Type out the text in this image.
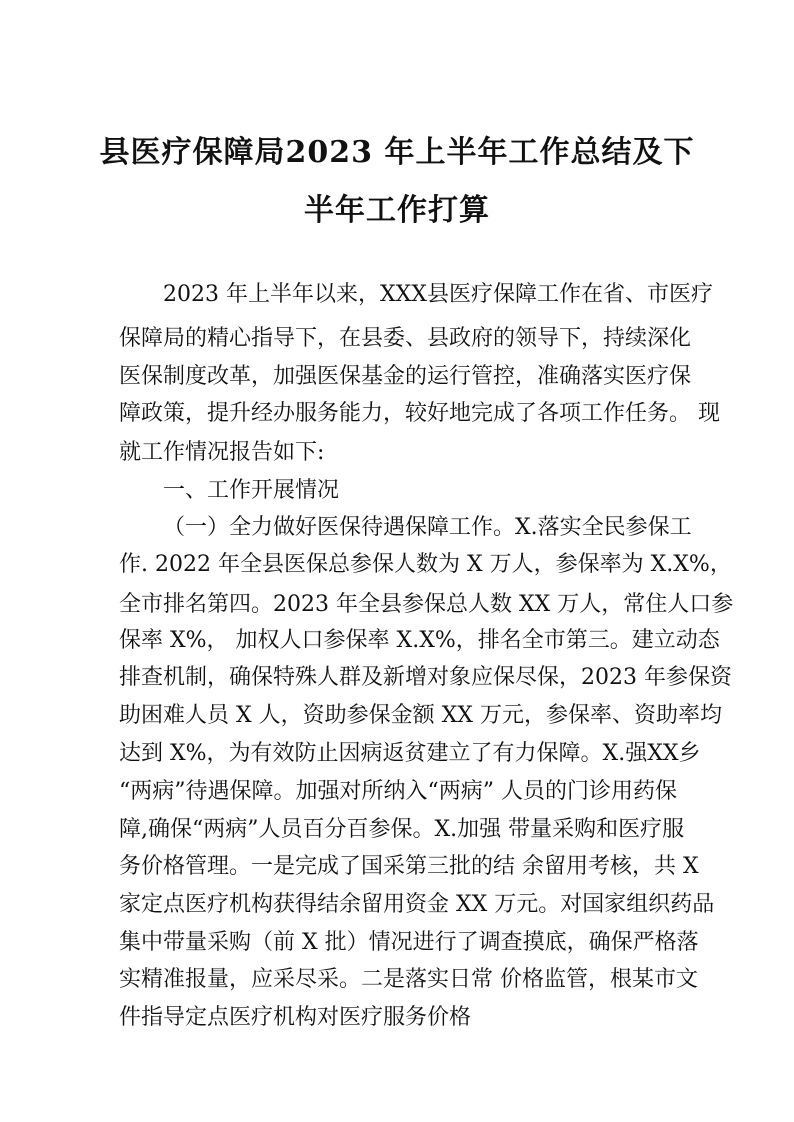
县医疗保障局2023 年上半年工作总结及下
半年工作打算
2023 年上半年以来，XXX县医疗保障工作在省、市医疗
保障局的精心指导下，在县委、县政府的领导下，持续深化
医保制度改革，加强医保基金的运行管控，准确落实医疗保
障政策，提升经办服务能力，较好地完成了各项工作任务。 现
就工作情况报告如下:
一、工作开展情况
（一）全力做好医保待遇保障工作。X.落实全民参保工
作. 2022 年全县医保总参保人数为 X 万人，参保率为 X.X%，
全市排名第四。2023 年全县参保总人数 XX 万人，常住人口参
保率 X%， 加权人口参保率 X.X%，排名全市第三。建立动态
排查机制，确保特殊人群及新增对象应保尽保，2023 年参保资
助困难人员 X 人，资助参保金额 XX 万元，参保率、资助率均
达到 X%，为有效防止因病返贫建立了有力保障。X.强XX乡
“两病”待遇保障。加强对所纳入“两病” 人员的门诊用药保
障,确保“两病”人员百分百参保。X.加强 带量采购和医疗服
务价格管理。一是完成了国采第三批的结 余留用考核，共 X
家定点医疗机构获得结余留用资金 XX 万元。对国家组织药品
集中带量采购（前 X 批）情况进行了调查摸底，确保严格落
实精准报量，应采尽采。二是落实日常 价格监管，根某市文
件指导定点医疗机构对医疗服务价格
